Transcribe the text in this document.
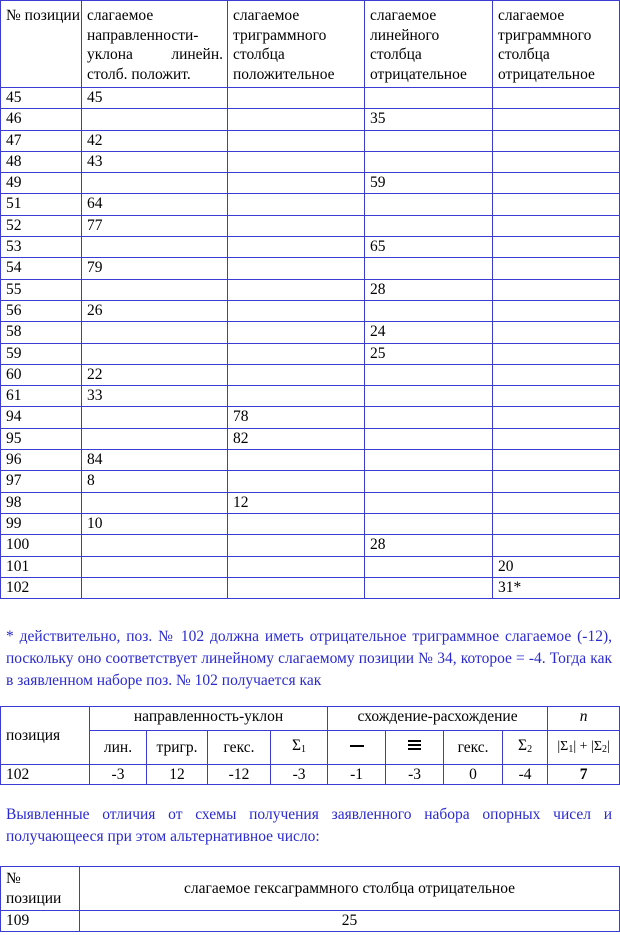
№ позиции	слагаемое направленности-уклона линейн. столб. положит.	слагаемое триграммного столбца положительное	слагаемое линейного столбца отрицательное	слагаемое триграммного столбца отрицательное
45	45			
46			35	
47	42			
48	43			
49			59	
51	64			
52	77			
53			65	
54	79			
55			28	
56	26			
58			24	
59			25	
60	22			
61	33			
94		78		
95		82		
96	84			
97	8			
98		12		
99	10			
100			28	
101				20
102				31*
* действительно, поз. № 102 должна иметь отрицательное триграммное слагаемое (-12), поскольку оно соответствует линейному слагаемому позиции № 34, которое = -4. Тогда как в заявленном наборе поз. № 102 получается как
позиция	направленность-уклон				схождение-расхождение				n
	лин.	тригр.	гекс.	$\Sigma_1$			гекс.	$\Sigma_2$	$|\Sigma_1| + |\Sigma_2|$
102	-3	12	-12	-3	-1	-3	0	-4	7
Выявленные отличия от схемы получения заявленного набора опорных чисел и получающееся при этом альтернативное число:
№ позиции	слагаемое гексаграммного столбца отрицательное
109	25
